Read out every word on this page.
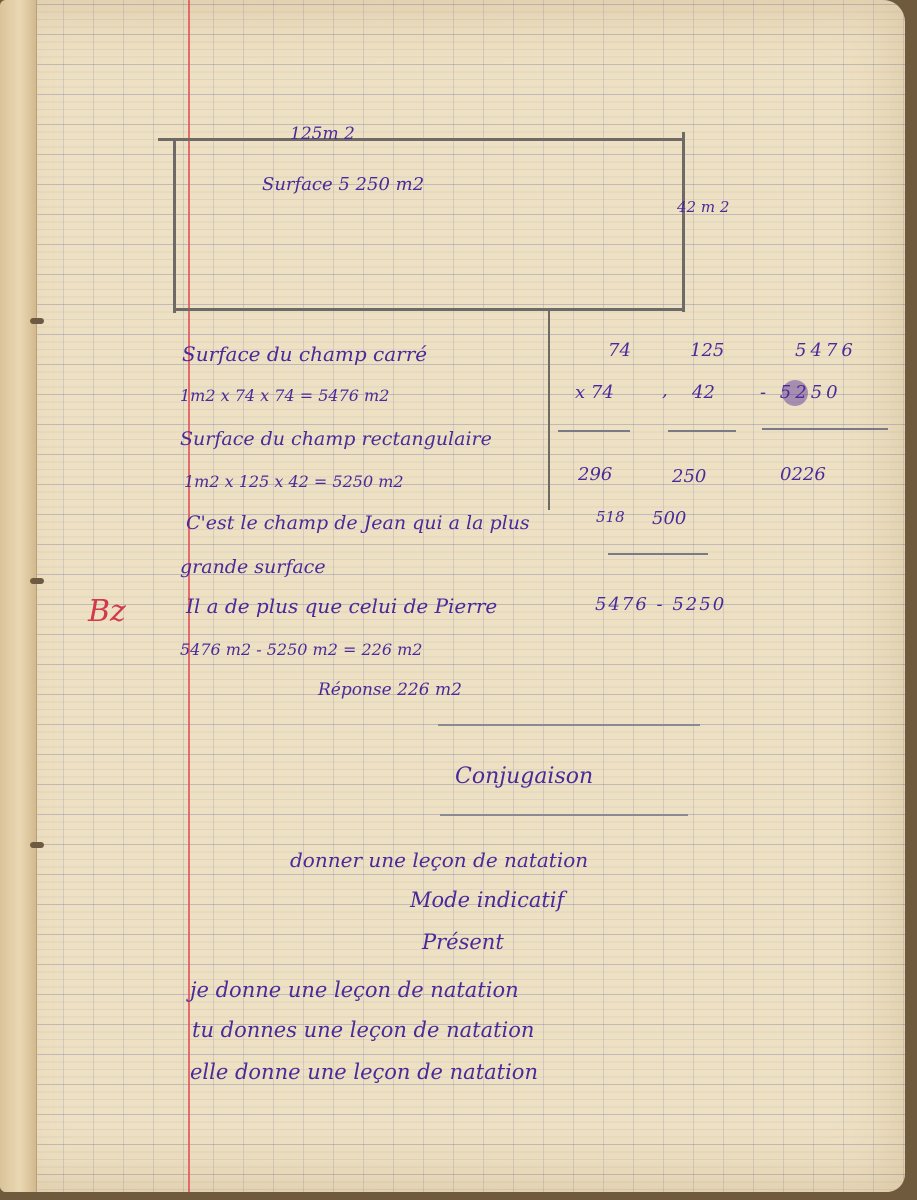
125m 2
Surface 5 250 m2
42 m 2
Surface du champ carré
1m2 x 74 x 74 = 5476 m2
Surface du champ rectangulaire
1m2 x 125 x 42 = 5250 m2
C'est le champ de Jean qui a la plus
grande surface
Il a de plus que celui de Pierre
5476 m2 - 5250 m2 = 226 m2
Réponse 226 m2
74
x 74
296
518
125
, 42
250
500
5476
- 5250
0226
5476 - 5250
Bz
Conjugaison
donner une leçon de natation
Mode indicatif
Présent
je donne une leçon de natation
tu donnes une leçon de natation
elle donne une leçon de natation
